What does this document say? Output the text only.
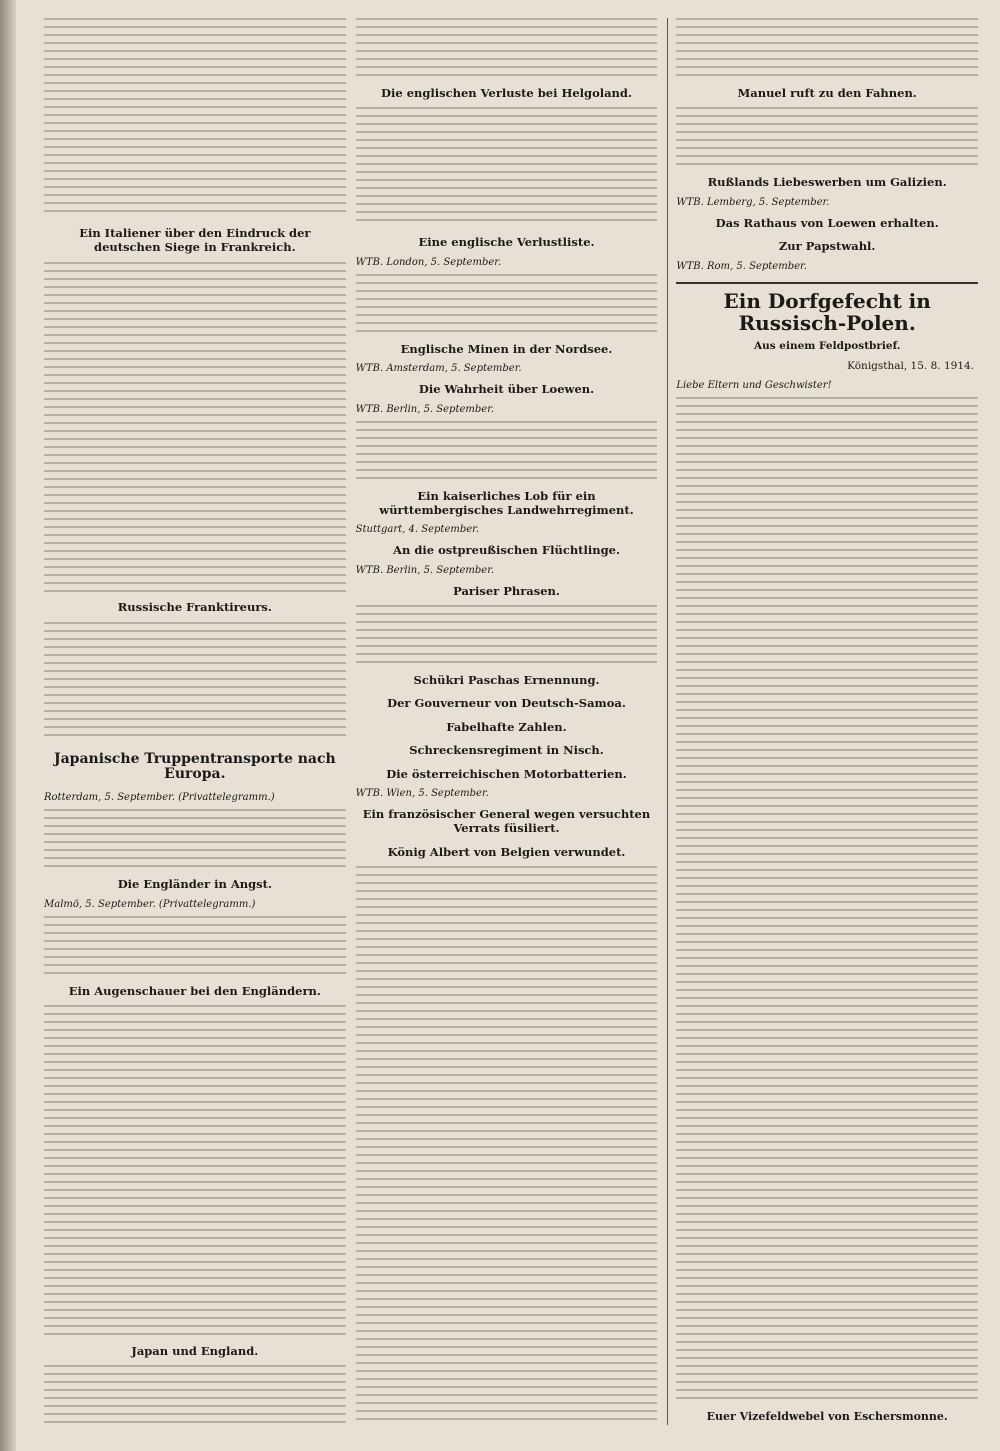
Ein Italiener über den Eindruck der deutschen Siege in Frankreich.
Russische Franktireurs.
Japanische Truppentransporte nach Europa.

Rotterdam, 5. September. (Privattelegramm.)

Die Engländer in Angst.

Malmö, 5. September. (Privattelegramm.)

Ein Augenschauer bei den Engländern.
Japan und England.
Die englischen Verluste bei Helgoland.
Eine englische Verlustliste.

WTB. London, 5. September.

Englische Minen in der Nordsee.

WTB. Amsterdam, 5. September.

Die Wahrheit über Loewen.

WTB. Berlin, 5. September.

Ein kaiserliches Lob für ein württembergisches Landwehrregiment.

Stuttgart, 4. September.

An die ostpreußischen Flüchtlinge.

WTB. Berlin, 5. September.

Pariser Phrasen.
Schükri Paschas Ernennung.
Der Gouverneur von Deutsch-Samoa.
Fabelhafte Zahlen.
Schreckensregiment in Nisch.
Die österreichischen Motorbatterien.

WTB. Wien, 5. September.

Ein französischer General wegen versuchten Verrats füsiliert.
König Albert von Belgien verwundet.
Manuel ruft zu den Fahnen.
Rußlands Liebeswerben um Galizien.

WTB. Lemberg, 5. September.

Das Rathaus von Loewen erhalten.
Zur Papstwahl.

WTB. Rom, 5. September.

Ein Dorfgefecht in Russisch-Polen.

Aus einem Feldpostbrief.

Königsthal, 15. 8. 1914.

Liebe Eltern und Geschwister!

Euer Vizefeldwebel von Eschersmonne.
